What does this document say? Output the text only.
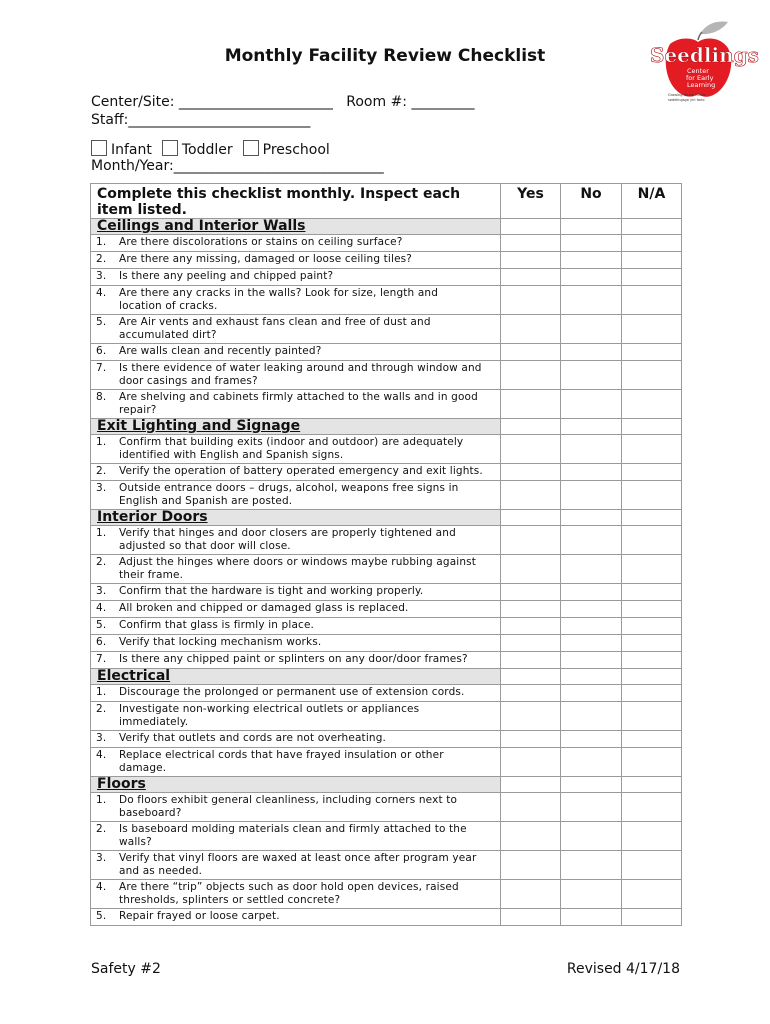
Monthly Facility Review Checklist	Seedlings
Center
for Early
Learning
Growing Young Minds
sedelingsgo ylrl forlo
Center/Site: ______________________ Room #: _________
Staff:__________________________
Infant Toddler Preschool
Month/Year:______________________________
Complete this checklist monthly. Inspect each item listed.	Yes	No	N/A
Ceilings and Interior Walls			
1. Are there discolorations or stains on ceiling surface?			
2. Are there any missing, damaged or loose ceiling tiles?			
3. Is there any peeling and chipped paint?			
4. Are there any cracks in the walls? Look for size, length and location of cracks.			
5. Are Air vents and exhaust fans clean and free of dust and accumulated dirt?			
6. Are walls clean and recently painted?			
7. Is there evidence of water leaking around and through window and door casings and frames?			
8. Are shelving and cabinets firmly attached to the walls and in good repair?			
Exit Lighting and Signage			
1. Confirm that building exits (indoor and outdoor) are adequately identified with English and Spanish signs.			
2. Verify the operation of battery operated emergency and exit lights.			
3. Outside entrance doors – drugs, alcohol, weapons free signs in English and Spanish are posted.			
Interior Doors			
1. Verify that hinges and door closers are properly tightened and adjusted so that door will close.			
2. Adjust the hinges where doors or windows maybe rubbing against their frame.			
3. Confirm that the hardware is tight and working properly.			
4. All broken and chipped or damaged glass is replaced.			
5. Confirm that glass is firmly in place.			
6. Verify that locking mechanism works.			
7. Is there any chipped paint or splinters on any door/door frames?			
Electrical			
1. Discourage the prolonged or permanent use of extension cords.			
2. Investigate non-working electrical outlets or appliances immediately.			
3. Verify that outlets and cords are not overheating.			
4. Replace electrical cords that have frayed insulation or other damage.			
Floors			
1. Do floors exhibit general cleanliness, including corners next to baseboard?			
2. Is baseboard molding materials clean and firmly attached to the walls?			
3. Verify that vinyl floors are waxed at least once after program year and as needed.			
4. Are there “trip” objects such as door hold open devices, raised thresholds, splinters or settled concrete?			
5. Repair frayed or loose carpet.			
Safety #2	Revised 4/17/18
